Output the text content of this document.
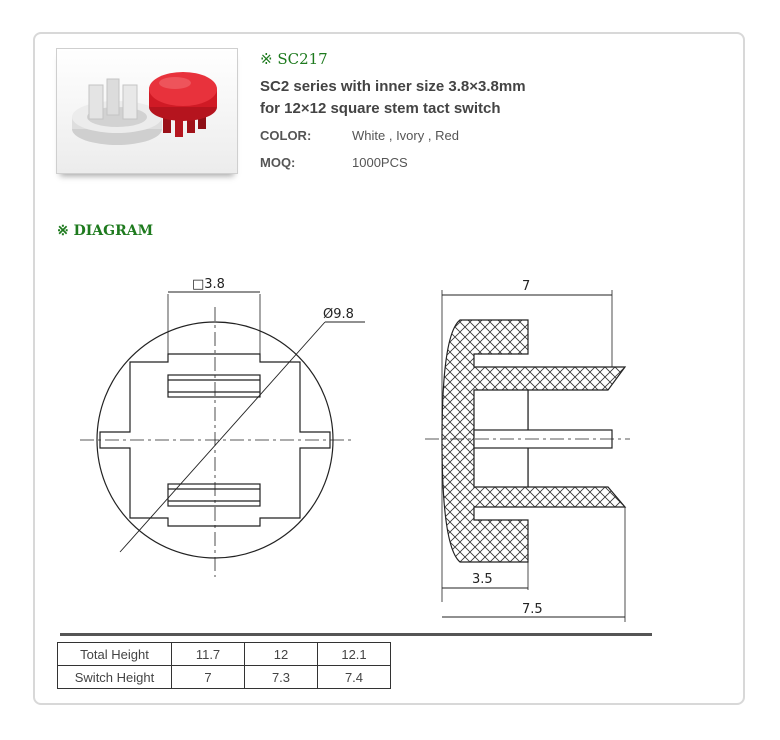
※ SC217
SC2 series with inner size 3.8×3.8mm
for 12×12 square stem tact switch
COLOR:	White , Ivory , Red
MOQ:	1000PCS
※ DIAGRAM
□3.8
Ø9.8
7
3.5
7.5
Total Height	11.7	12	12.1
Switch Height	7	7.3	7.4
